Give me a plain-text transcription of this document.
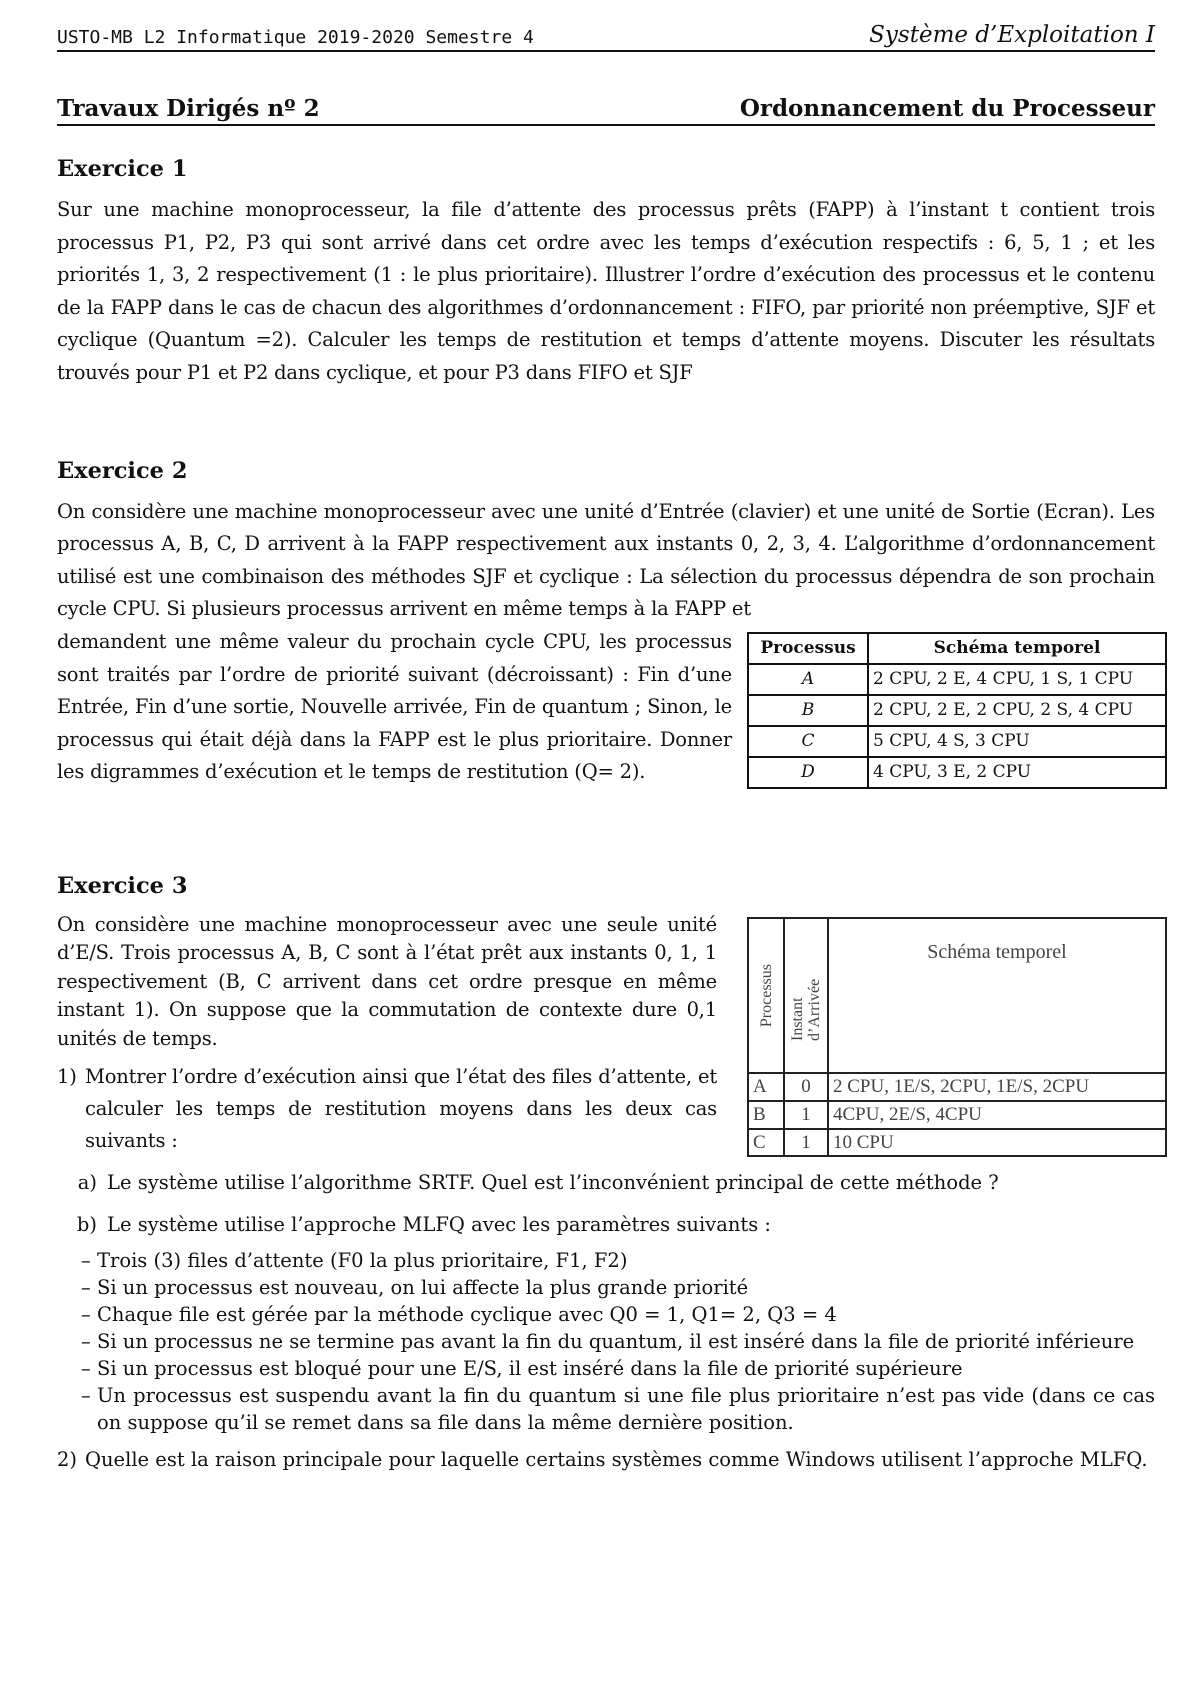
USTO-MB L2 Informatique 2019-2020 Semestre 4	Système d’Exploitation I
Travaux Dirigés nº 2	Ordonnancement du Processeur
Exercice 1

Sur une machine monoprocesseur, la file d’attente des processus prêts (FAPP) à l’instant t contient trois processus P1, P2, P3 qui sont arrivé dans cet ordre avec les temps d’exécution respectifs : 6, 5, 1 ; et les priorités 1, 3, 2 respectivement (1 : le plus prioritaire). Illustrer l’ordre d’exécution des processus et le contenu de la FAPP dans le cas de chacun des algorithmes d’ordonnancement : FIFO, par priorité non préemptive, SJF et cyclique (Quantum =2). Calculer les temps de restitution et temps d’attente moyens. Discuter les résultats trouvés pour P1 et P2 dans cyclique, et pour P3 dans FIFO et SJF

Exercice 2

On considère une machine monoprocesseur avec une unité d’Entrée (clavier) et une unité de Sortie (Ecran). Les processus A, B, C, D arrivent à la FAPP respectivement aux instants 0, 2, 3, 4. L’algorithme d’ordonnancement utilisé est une combinaison des méthodes SJF et cyclique : La sélection du processus dépendra de son prochain cycle CPU. Si plusieurs processus arrivent en même temps à la FAPP et

demandent une même valeur du prochain cycle CPU, les processus sont traités par l’ordre de priorité suivant (décroissant) : Fin d’une Entrée, Fin d’une sortie, Nouvelle arrivée, Fin de quantum ; Sinon, le processus qui était déjà dans la FAPP est le plus prioritaire. Donner les digrammes d’exécution et le temps de restitution (Q= 2).

Processus	Schéma temporel
A	2 CPU, 2 E, 4 CPU, 1 S, 1 CPU
B	2 CPU, 2 E, 2 CPU, 2 S, 4 CPU
C	5 CPU, 4 S, 3 CPU
D	4 CPU, 3 E, 2 CPU
Exercice 3

On considère une machine monoprocesseur avec une seule unité d’E/S. Trois processus A, B, C sont à l’état prêt aux instants 0, 1, 1 respectivement (B, C arrivent dans cet ordre presque en même instant 1). On suppose que la commutation de contexte dure 0,1 unités de temps.

1) Montrer l’ordre d’exécution ainsi que l’état des files d’attente, et calculer les temps de restitution moyens dans les deux cas suivants :

Processus	Instant d’Arrivée	Schéma temporel
A	0	2 CPU, 1E/S, 2CPU, 1E/S, 2CPU
B	1	4CPU, 2E/S, 4CPU
C	1	10 CPU
a) Le système utilise l’algorithme SRTF. Quel est l’inconvénient principal de cette méthode ?
b) Le système utilise l’approche MLFQ avec les paramètres suivants :
– Trois (3) files d’attente (F0 la plus prioritaire, F1, F2)
– Si un processus est nouveau, on lui affecte la plus grande priorité
– Chaque file est gérée par la méthode cyclique avec Q0 = 1, Q1= 2, Q3 = 4
– Si un processus ne se termine pas avant la fin du quantum, il est inséré dans la file de priorité inférieure
– Si un processus est bloqué pour une E/S, il est inséré dans la file de priorité supérieure
– Un processus est suspendu avant la fin du quantum si une file plus prioritaire n’est pas vide (dans ce cas on suppose qu’il se remet dans sa file dans la même dernière position.
2) Quelle est la raison principale pour laquelle certains systèmes comme Windows utilisent l’approche MLFQ.
